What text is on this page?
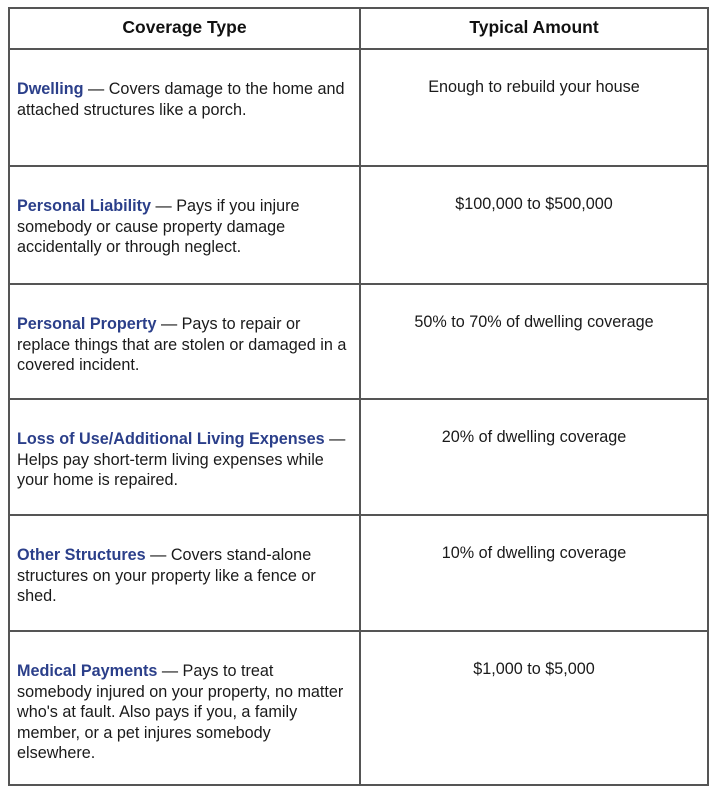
Coverage Type	Typical Amount
Dwelling — Covers damage to the home and attached structures like a porch.
Enough to rebuild your house
Personal Liability — Pays if you injure somebody or cause property damage accidentally or through neglect.
$100,000 to $500,000
Personal Property — Pays to repair or replace things that are stolen or damaged in a covered incident.
50% to 70% of dwelling coverage
Loss of Use/Additional Living Expenses — Helps pay short-term living expenses while your home is repaired.
20% of dwelling coverage
Other Structures — Covers stand-alone structures on your property like a fence or shed.
10% of dwelling coverage
Medical Payments — Pays to treat somebody injured on your property, no matter who's at fault. Also pays if you, a family member, or a pet injures somebody elsewhere.
$1,000 to $5,000
